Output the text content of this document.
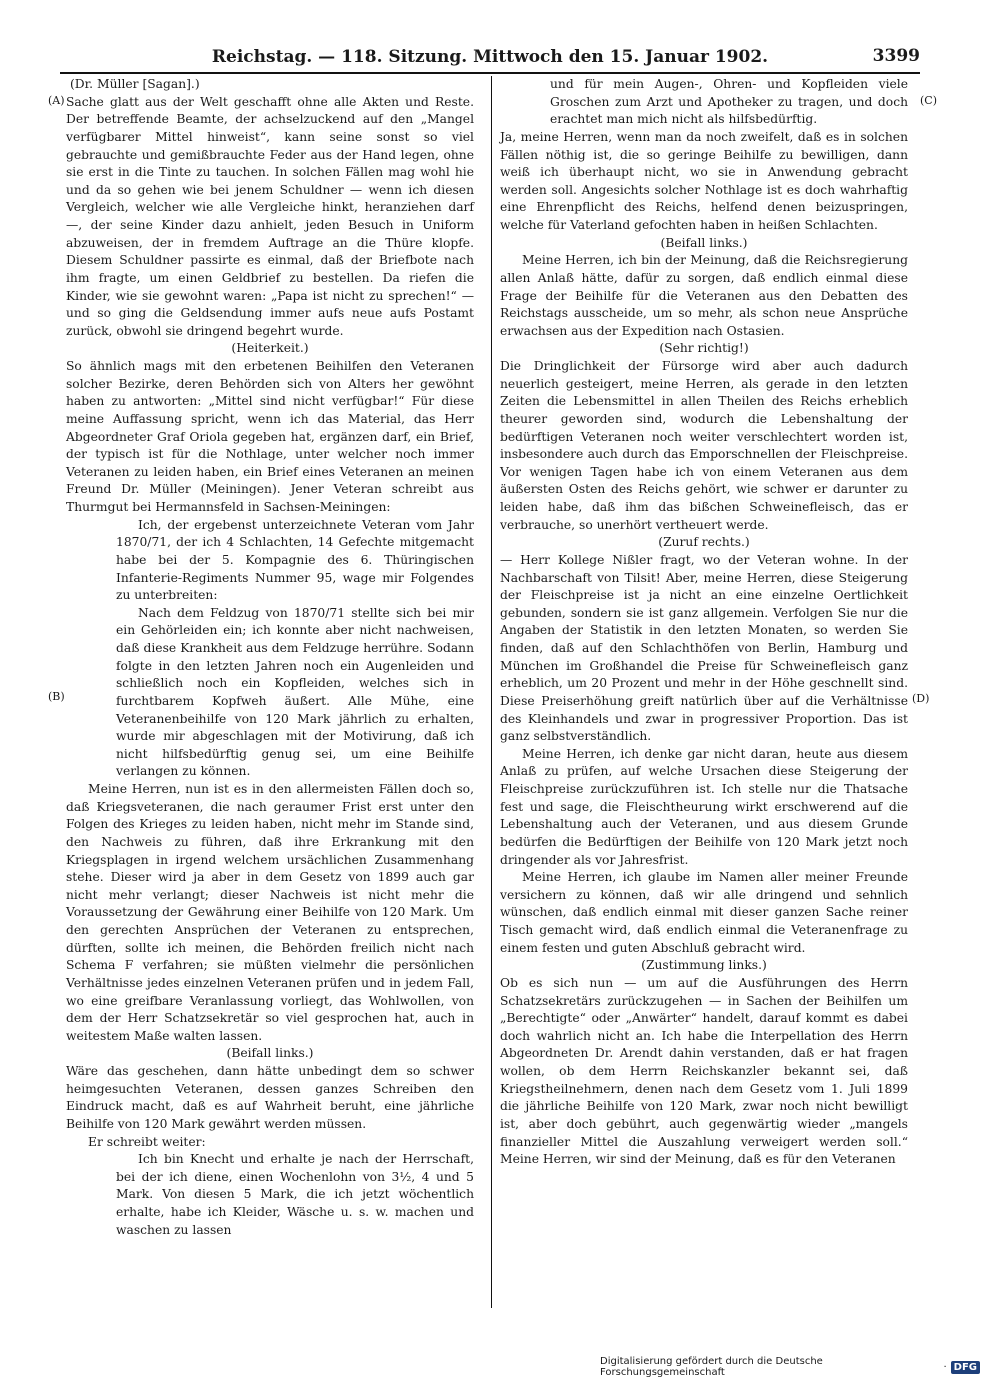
Reichstag. — 118. Sitzung. Mittwoch den 15. Januar 1902.	3399
(A)
(B)
(C)
(D)

(Dr. Müller [Sagan].)

Sache glatt aus der Welt geschafft ohne alle Akten und Reste. Der betreffende Beamte, der achselzuckend auf den „Mangel verfügbarer Mittel hinweist“, kann seine sonst so viel gebrauchte und gemißbrauchte Feder aus der Hand legen, ohne sie erst in die Tinte zu tauchen. In solchen Fällen mag wohl hie und da so gehen wie bei jenem Schuldner — wenn ich diesen Vergleich, welcher wie alle Vergleiche hinkt, heranziehen darf —, der seine Kinder dazu anhielt, jeden Besuch in Uniform abzuweisen, der in fremdem Auftrage an die Thüre klopfe. Diesem Schuldner passirte es einmal, daß der Briefbote nach ihm fragte, um einen Geldbrief zu bestellen. Da riefen die Kinder, wie sie gewohnt waren: „Papa ist nicht zu sprechen!“ — und so ging die Geldsendung immer aufs neue aufs Postamt zurück, obwohl sie dringend begehrt wurde.

(Heiterkeit.)

So ähnlich mags mit den erbetenen Beihilfen den Veteranen solcher Bezirke, deren Behörden sich von Alters her gewöhnt haben zu antworten: „Mittel sind nicht verfügbar!“ Für diese meine Auffassung spricht, wenn ich das Material, das Herr Abgeordneter Graf Oriola gegeben hat, ergänzen darf, ein Brief, der typisch ist für die Nothlage, unter welcher noch immer Veteranen zu leiden haben, ein Brief eines Veteranen an meinen Freund Dr. Müller (Meiningen). Jener Veteran schreibt aus Thurmgut bei Hermannsfeld in Sachsen-Meiningen:

Ich, der ergebenst unterzeichnete Veteran vom Jahr 1870/71, der ich 4 Schlachten, 14 Gefechte mitgemacht habe bei der 5. Kompagnie des 6. Thüringischen Infanterie-Regiments Nummer 95, wage mir Folgendes zu unterbreiten:

Nach dem Feldzug von 1870/71 stellte sich bei mir ein Gehörleiden ein; ich konnte aber nicht nachweisen, daß diese Krankheit aus dem Feldzuge herrühre. Sodann folgte in den letzten Jahren noch ein Augenleiden und schließlich noch ein Kopfleiden, welches sich in furchtbarem Kopfweh äußert. Alle Mühe, eine Veteranenbeihilfe von 120 Mark jährlich zu erhalten, wurde mir abgeschlagen mit der Motivirung, daß ich nicht hilfsbedürftig genug sei, um eine Beihilfe verlangen zu können.

Meine Herren, nun ist es in den allermeisten Fällen doch so, daß Kriegsveteranen, die nach geraumer Frist erst unter den Folgen des Krieges zu leiden haben, nicht mehr im Stande sind, den Nachweis zu führen, daß ihre Erkrankung mit den Kriegsplagen in irgend welchem ursächlichen Zusammenhang stehe. Dieser wird ja aber in dem Gesetz von 1899 auch gar nicht mehr verlangt; dieser Nachweis ist nicht mehr die Voraussetzung der Gewährung einer Beihilfe von 120 Mark. Um den gerechten Ansprüchen der Veteranen zu entsprechen, dürften, sollte ich meinen, die Behörden freilich nicht nach Schema F verfahren; sie müßten vielmehr die persönlichen Verhältnisse jedes einzelnen Veteranen prüfen und in jedem Fall, wo eine greifbare Veranlassung vorliegt, das Wohlwollen, von dem der Herr Schatzsekretär so viel gesprochen hat, auch in weitestem Maße walten lassen.

(Beifall links.)

Wäre das geschehen, dann hätte unbedingt dem so schwer heimgesuchten Veteranen, dessen ganzes Schreiben den Eindruck macht, daß es auf Wahrheit beruht, eine jährliche Beihilfe von 120 Mark gewährt werden müssen.

Er schreibt weiter:

Ich bin Knecht und erhalte je nach der Herrschaft, bei der ich diene, einen Wochenlohn von 3½, 4 und 5 Mark. Von diesen 5 Mark, die ich jetzt wöchentlich erhalte, habe ich Kleider, Wäsche u. s. w. machen und waschen zu lassen

und für mein Augen-, Ohren- und Kopfleiden viele Groschen zum Arzt und Apotheker zu tragen, und doch erachtet man mich nicht als hilfsbedürftig.

Ja, meine Herren, wenn man da noch zweifelt, daß es in solchen Fällen nöthig ist, die so geringe Beihilfe zu bewilligen, dann weiß ich überhaupt nicht, wo sie in Anwendung gebracht werden soll. Angesichts solcher Nothlage ist es doch wahrhaftig eine Ehrenpflicht des Reichs, helfend denen beizuspringen, welche für Vaterland gefochten haben in heißen Schlachten.

(Beifall links.)

Meine Herren, ich bin der Meinung, daß die Reichsregierung allen Anlaß hätte, dafür zu sorgen, daß endlich einmal diese Frage der Beihilfe für die Veteranen aus den Debatten des Reichstags ausscheide, um so mehr, als schon neue Ansprüche erwachsen aus der Expedition nach Ostasien.

(Sehr richtig!)

Die Dringlichkeit der Fürsorge wird aber auch dadurch neuerlich gesteigert, meine Herren, als gerade in den letzten Zeiten die Lebensmittel in allen Theilen des Reichs erheblich theurer geworden sind, wodurch die Lebenshaltung der bedürftigen Veteranen noch weiter verschlechtert worden ist, insbesondere auch durch das Emporschnellen der Fleischpreise. Vor wenigen Tagen habe ich von einem Veteranen aus dem äußersten Osten des Reichs gehört, wie schwer er darunter zu leiden habe, daß ihm das bißchen Schweinefleisch, das er verbrauche, so unerhört vertheuert werde.

(Zuruf rechts.)

— Herr Kollege Nißler fragt, wo der Veteran wohne. In der Nachbarschaft von Tilsit! Aber, meine Herren, diese Steigerung der Fleischpreise ist ja nicht an eine einzelne Oertlichkeit gebunden, sondern sie ist ganz allgemein. Verfolgen Sie nur die Angaben der Statistik in den letzten Monaten, so werden Sie finden, daß auf den Schlachthöfen von Berlin, Hamburg und München im Großhandel die Preise für Schweinefleisch ganz erheblich, um 20 Prozent und mehr in der Höhe geschnellt sind. Diese Preiserhöhung greift natürlich über auf die Verhältnisse des Kleinhandels und zwar in progressiver Proportion. Das ist ganz selbstverständlich.

Meine Herren, ich denke gar nicht daran, heute aus diesem Anlaß zu prüfen, auf welche Ursachen diese Steigerung der Fleischpreise zurückzuführen ist. Ich stelle nur die Thatsache fest und sage, die Fleischtheurung wirkt erschwerend auf die Lebenshaltung auch der Veteranen, und aus diesem Grunde bedürfen die Bedürftigen der Beihilfe von 120 Mark jetzt noch dringender als vor Jahresfrist.

Meine Herren, ich glaube im Namen aller meiner Freunde versichern zu können, daß wir alle dringend und sehnlich wünschen, daß endlich einmal mit dieser ganzen Sache reiner Tisch gemacht wird, daß endlich einmal die Veteranenfrage zu einem festen und guten Abschluß gebracht wird.

(Zustimmung links.)

Ob es sich nun — um auf die Ausführungen des Herrn Schatzsekretärs zurückzugehen — in Sachen der Beihilfen um „Berechtigte“ oder „Anwärter“ handelt, darauf kommt es dabei doch wahrlich nicht an. Ich habe die Interpellation des Herrn Abgeordneten Dr. Arendt dahin verstanden, daß er hat fragen wollen, ob dem Herrn Reichskanzler bekannt sei, daß Kriegstheilnehmern, denen nach dem Gesetz vom 1. Juli 1899 die jährliche Beihilfe von 120 Mark, zwar noch nicht bewilligt ist, aber doch gebührt, auch gegenwärtig wieder „mangels finanzieller Mittel die Auszahlung verweigert werden soll.“ Meine Herren, wir sind der Meinung, daß es für den Veteranen

Digitalisierung gefördert durch die Deutsche Forschungsgemeinschaft	· DFG
